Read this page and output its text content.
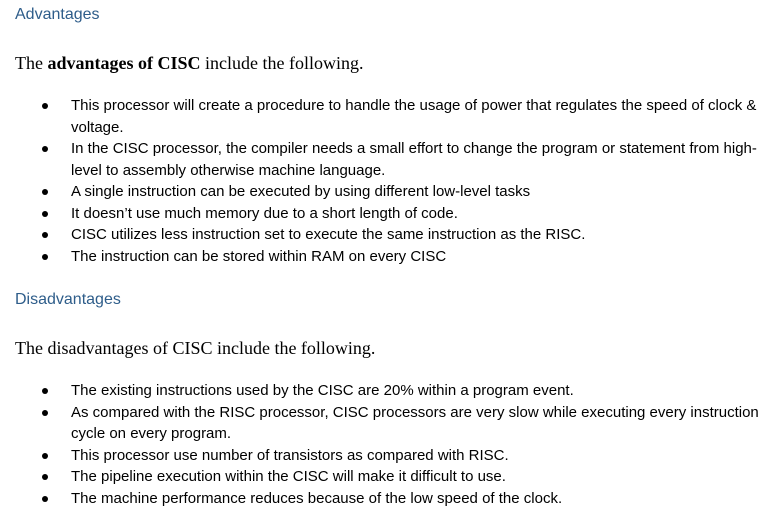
Advantages

The advantages of CISC include the following.

This processor will create a procedure to handle the usage of power that regulates the speed of clock & voltage.
In the CISC processor, the compiler needs a small effort to change the program or statement from high-level to assembly otherwise machine language.
A single instruction can be executed by using different low-level tasks
It doesn’t use much memory due to a short length of code.
CISC utilizes less instruction set to execute the same instruction as the RISC.
The instruction can be stored within RAM on every CISC
Disadvantages

The disadvantages of CISC include the following.

The existing instructions used by the CISC are 20% within a program event.
As compared with the RISC processor, CISC processors are very slow while executing every instruction cycle on every program.
This processor use number of transistors as compared with RISC.
The pipeline execution within the CISC will make it difficult to use.
The machine performance reduces because of the low speed of the clock.
